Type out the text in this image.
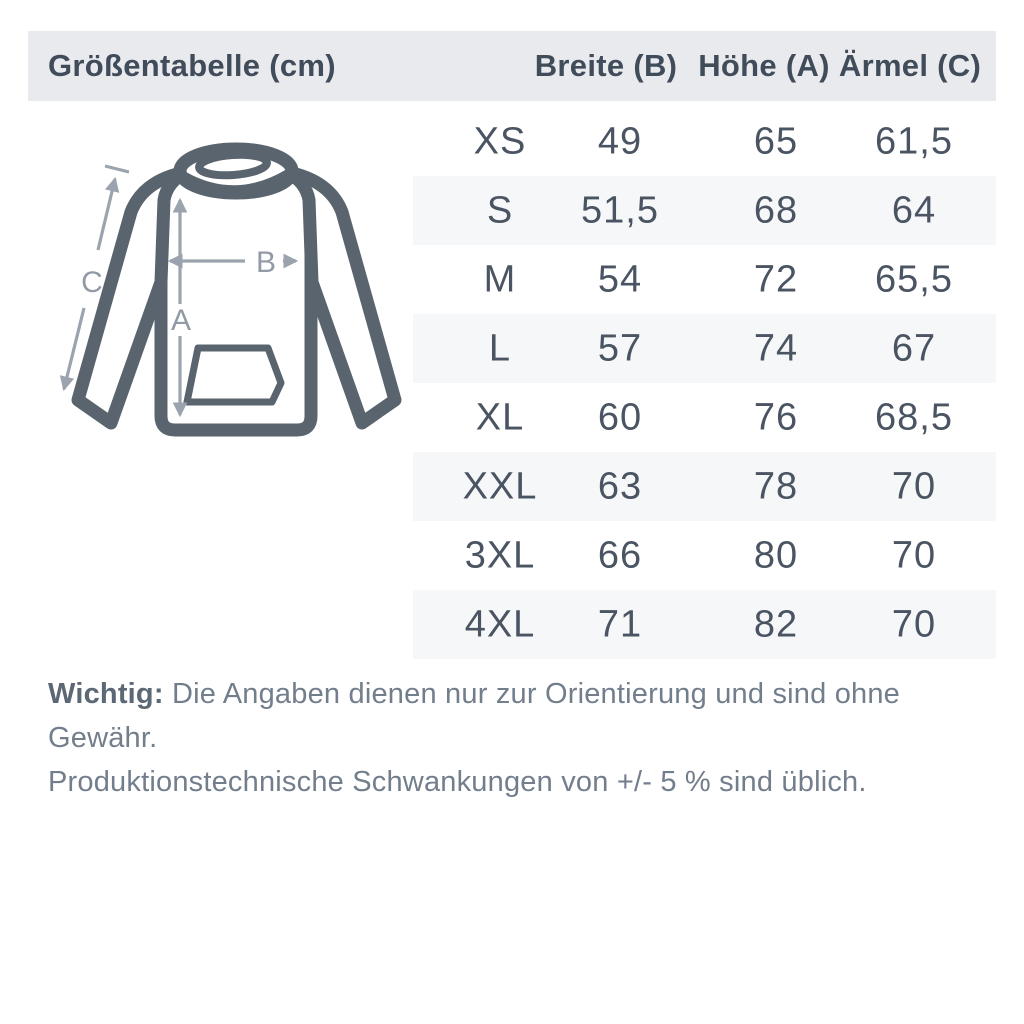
Größentabelle (cm)	Breite (B) Höhe (A) Ärmel (C)
A
B
C
XS 49	65 61,5
S 51,5 68 64
M 54	72 65,5
L 57	74 67
XL 60	76 68,5
XXL 63	78 70
3XL 66	80 70
4XL 71	82 70
Wichtig: Die Angaben dienen nur zur Orientierung und sind ohne Gewähr.
Produktionstechnische Schwankungen von +/- 5 % sind üblich.
